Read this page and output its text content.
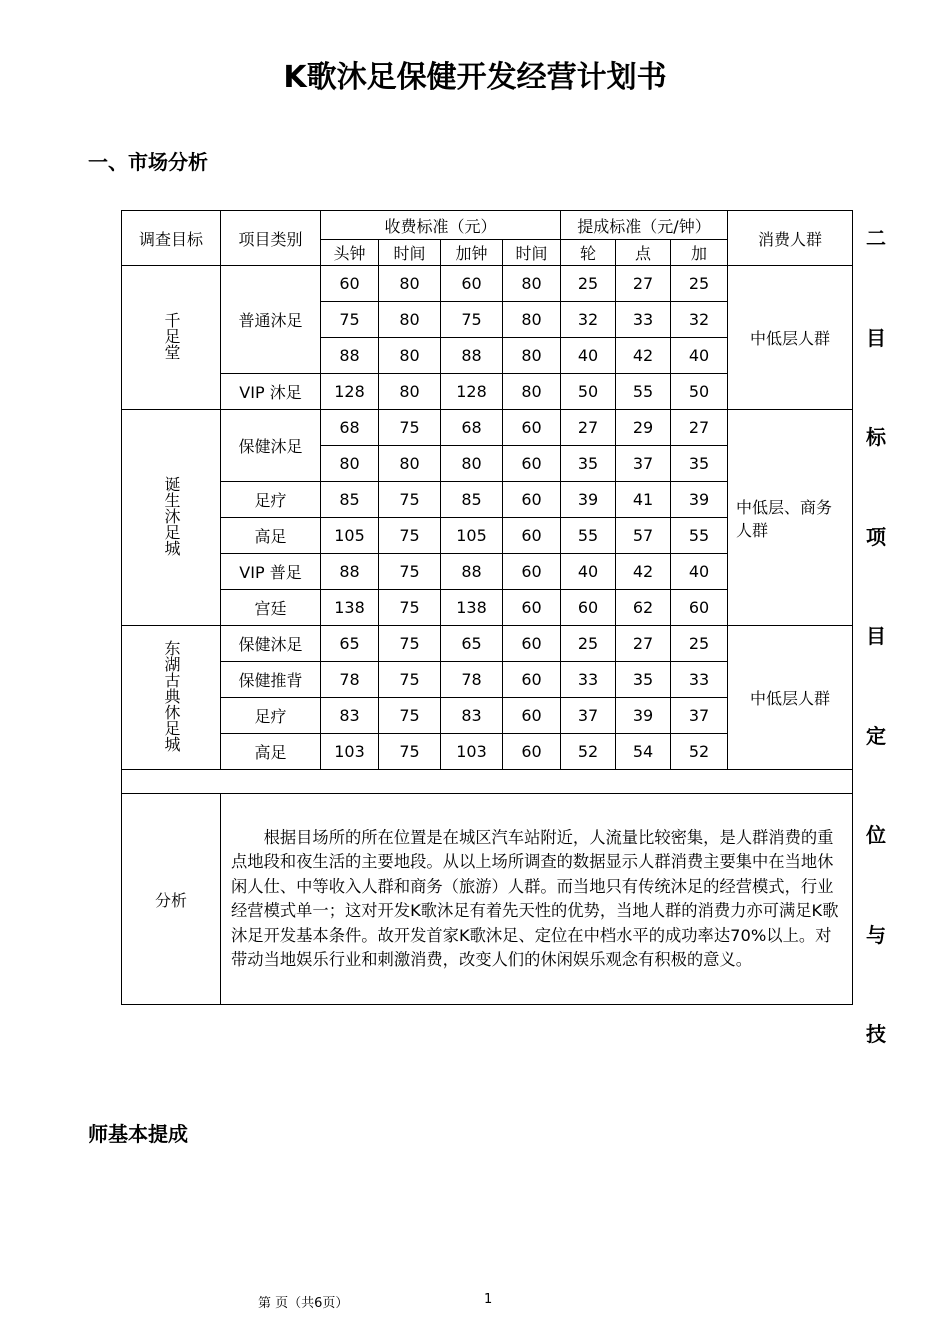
K歌沐足保健开发经营计划书
一、市场分析
调查目标	项目类别	收费标准（元）				提成标准（元/钟）			消费人群
		头钟	时间	加钟	时间	轮	点	加	
千足堂	普通沐足	60	80	60	80	25	27	25	中低层人群
		75	80	75	80	32	33	32	
		88	80	88	80	40	42	40	
	VIP 沐足	128	80	128	80	50	55	50	
诞生沐足城	保健沐足	68	75	68	60	27	29	27	中低层、商务人群
		80	80	80	60	35	37	35	
	足疗	85	75	85	60	39	41	39	
	高足	105	75	105	60	55	57	55	
	VIP 普足	88	75	88	60	40	42	40	
	宫廷	138	75	138	60	60	62	60	
东湖古典休足城	保健沐足	65	75	65	60	25	27	25	中低层人群
	保健推背	78	75	78	60	33	35	33	
	足疗	83	75	83	60	37	39	37	
	高足	103	75	103	60	52	54	52	

分析	　　根据目场所的所在位置是在城区汽车站附近，人流量比较密集，是人群消费的重点地段和夜生活的主要地段。从以上场所调查的数据显示人群消费主要集中在当地休闲人仕、中等收入人群和商务（旅游）人群。而当地只有传统沐足的经营模式，行业经营模式单一；这对开发K歌沐足有着先天性的优势，当地人群的消费力亦可满足K歌沐足开发基本条件。故开发首家K歌沐足、定位在中档水平的成功率达70%以上。对带动当地娱乐行业和刺激消费，改变人们的休闲娱乐观念有积极的意义。								
二
目
标
项
目
定
位
与
技
师基本提成
第 页（共6页）	1
